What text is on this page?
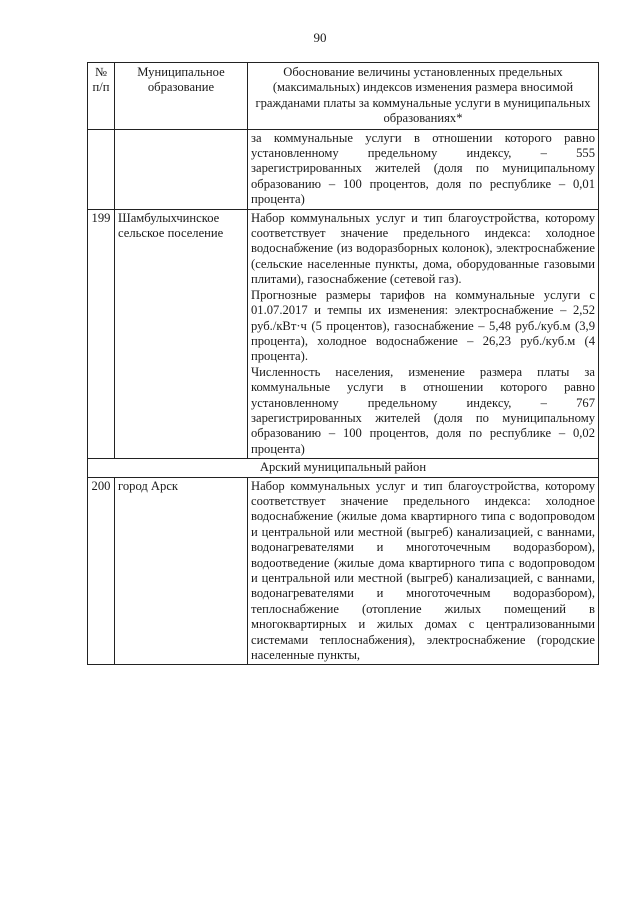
90
№ п/п	Муниципальное образование	Обоснование величины установленных предельных (максимальных) индексов изменения размера вносимой гражданами платы за коммунальные услуги в муниципальных образованиях*

		за коммунальные услуги в отношении которого равно установленному предельному индексу, – 555 зарегистрированных жителей (доля по муниципальному образованию – 100 процентов, доля по республике – 0,01 процента)

199	Шамбулыхчинское сельское поселение	Набор коммунальных услуг и тип благоустройства, которому соответствует значение предельного индекса: холодное водоснабжение (из водоразборных колонок), электроснабжение (сельские населенные пункты, дома, оборудованные газовыми плитами), газоснабжение (сетевой газ).

Прогнозные размеры тарифов на коммунальные услуги с 01.07.2017 и темпы их изменения: электроснабжение – 2,52 руб./кВт·ч (5 процентов), газоснабжение – 5,48 руб./куб.м (3,9 процента), холодное водоснабжение – 26,23 руб./куб.м (4 процента).

Численность населения, изменение размера платы за коммунальные услуги в отношении которого равно установленному предельному индексу, – 767 зарегистрированных жителей (доля по муниципальному образованию – 100 процентов, доля по республике – 0,02 процента)

Арский муниципальный район		
200	город Арск	Набор коммунальных услуг и тип благоустройства, которому соответствует значение предельного индекса: холодное водоснабжение (жилые дома квартирного типа с водопроводом и центральной или местной (выгреб) канализацией, с ваннами, водонагревателями и многоточечным водоразбором), водоотведение (жилые дома квартирного типа с водопроводом и центральной или местной (выгреб) канализацией, с ваннами, водонагревателями и многоточечным водоразбором), теплоснабжение (отопление жилых помещений в многоквартирных и жилых домах с централизованными системами теплоснабжения), электроснабжение (городские населенные пункты,
